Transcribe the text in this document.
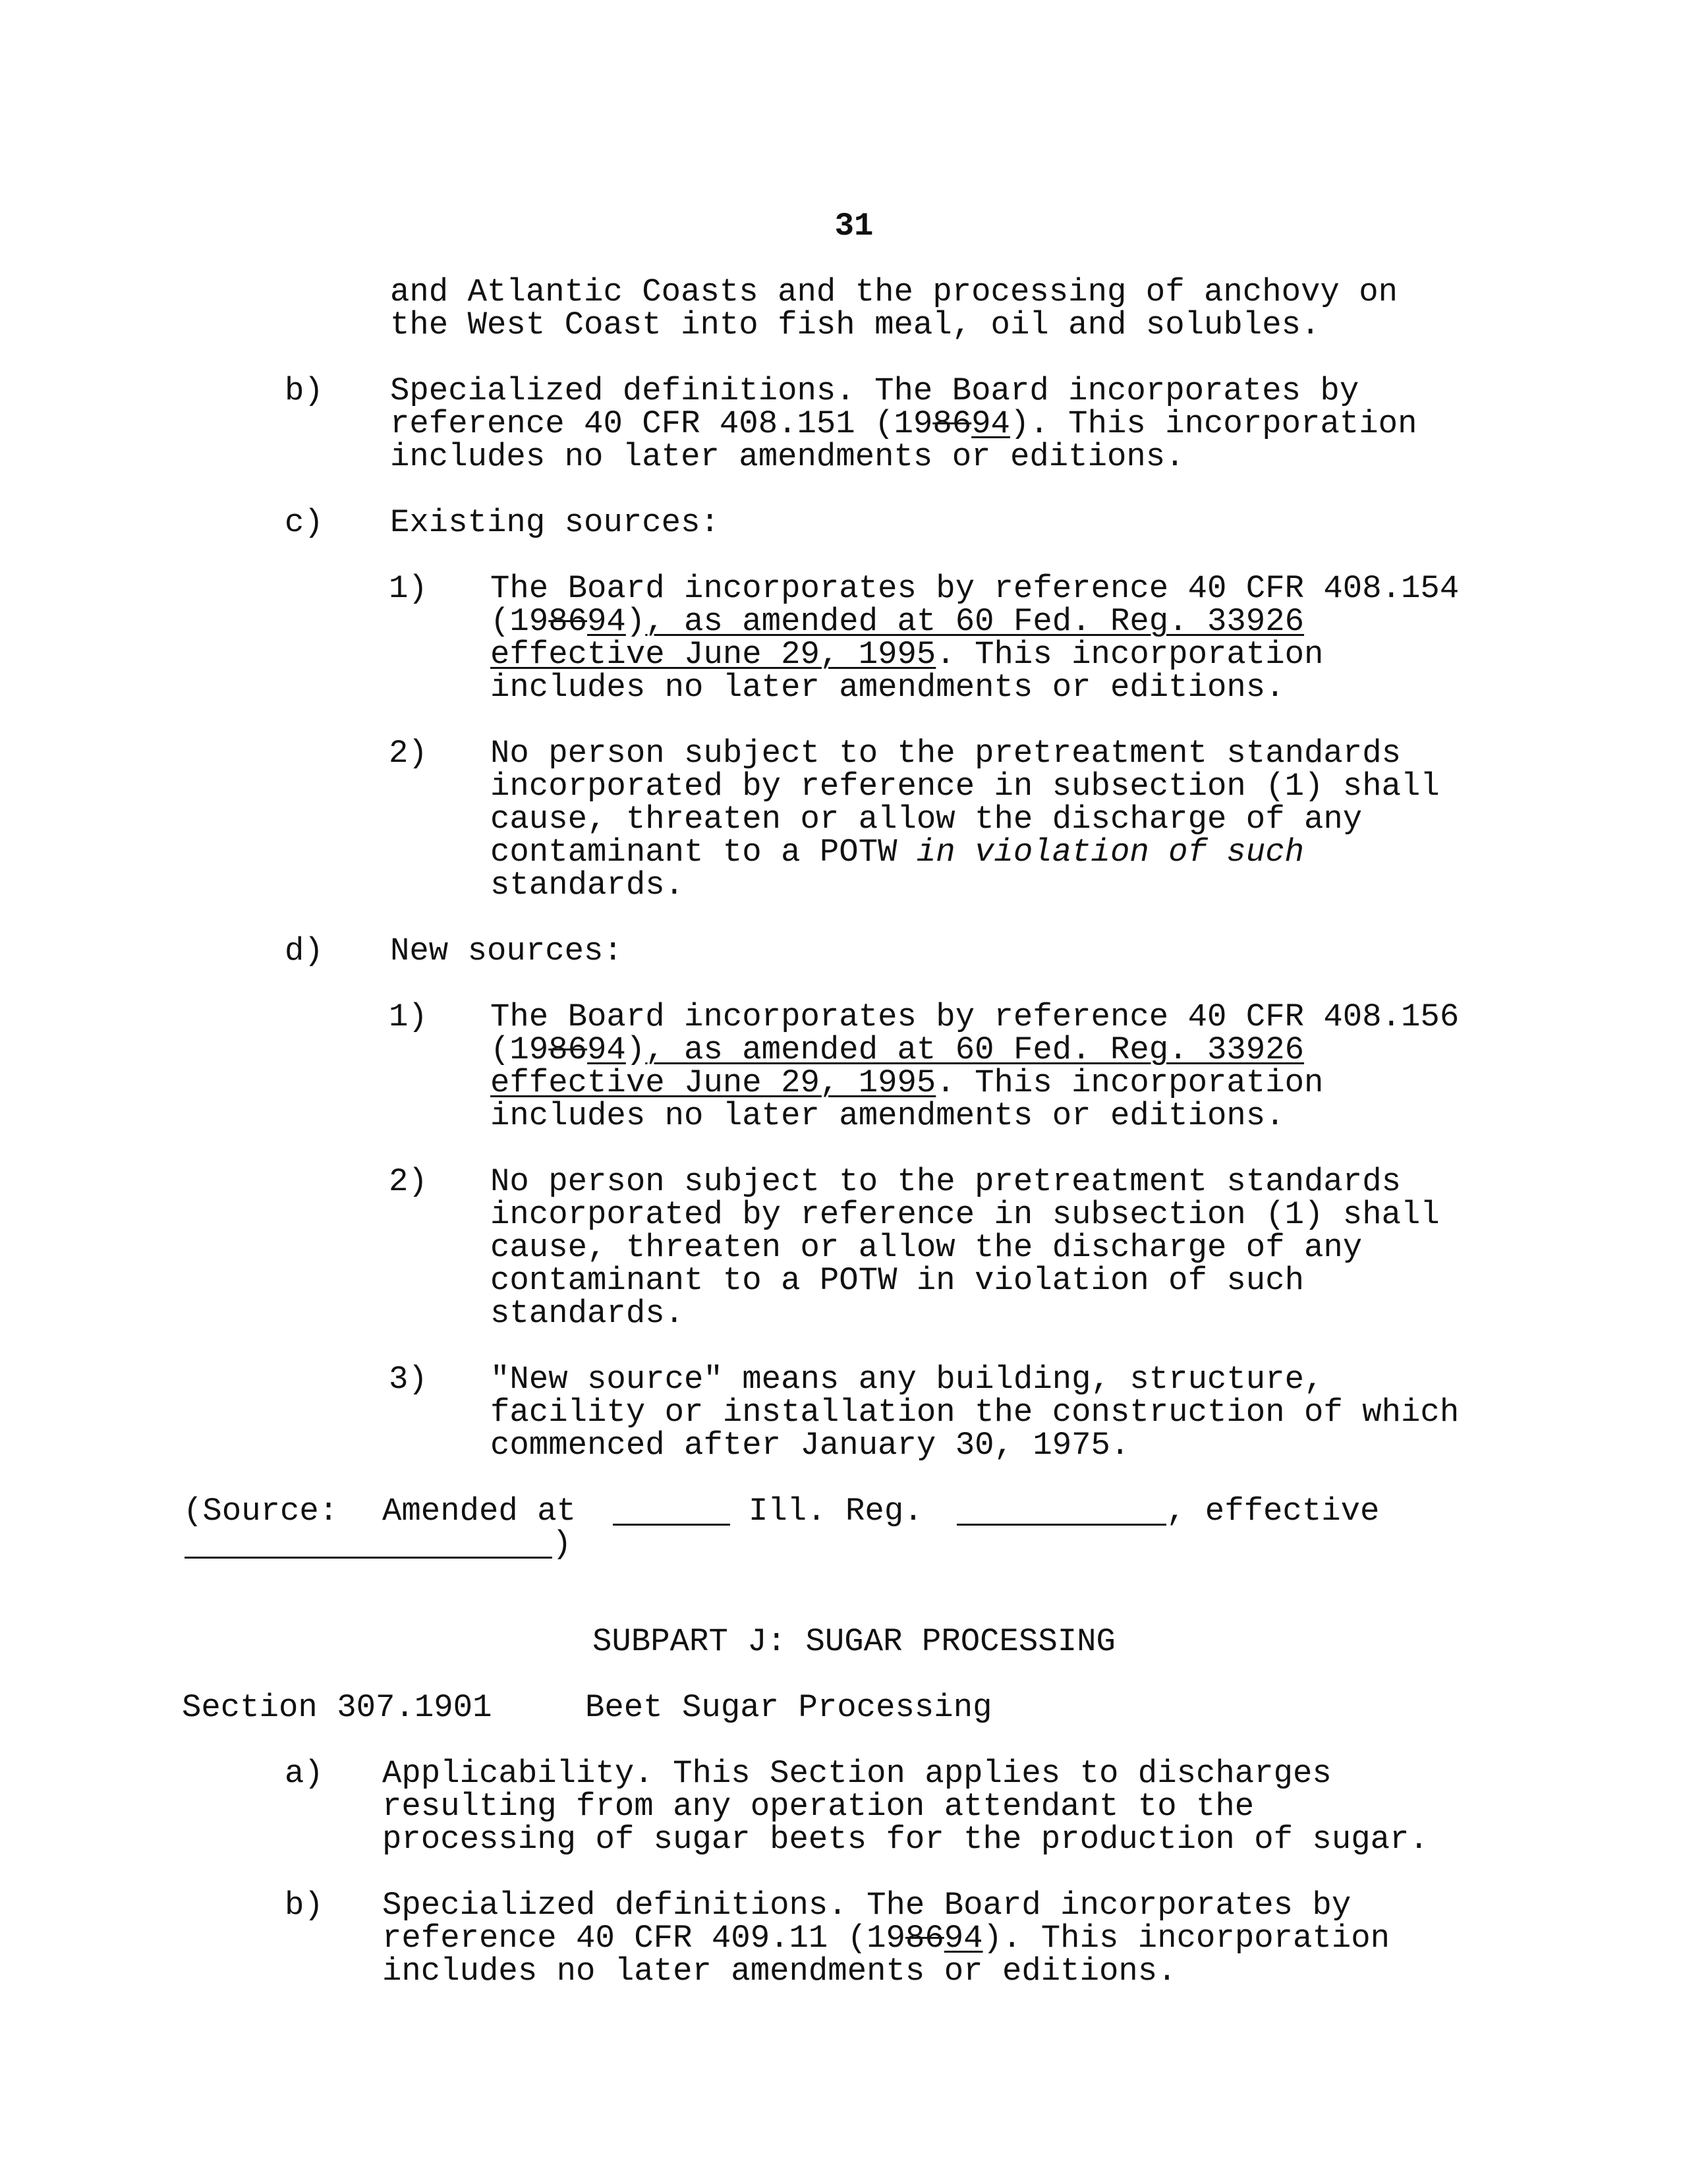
31

and Atlantic Coasts and the processing of anchovy on

the West Coast into fish meal, oil and solubles.

b) Specialized definitions. The Board incorporates by

reference 40 CFR 408.151 (198694). This incorporation

includes no later amendments or editions.

c) Existing sources:

1) The Board incorporates by reference 40 CFR 408.154

(198694), as amended at 60 Fed. Reg. 33926

effective June 29, 1995. This incorporation

includes no later amendments or editions.

2) No person subject to the pretreatment standards

incorporated by reference in subsection (1) shall

cause, threaten or allow the discharge of any

contaminant to a POTW in violation of such

standards.

d) New sources:

1) The Board incorporates by reference 40 CFR 408.156

(198694), as amended at 60 Fed. Reg. 33926

effective June 29, 1995. This incorporation

includes no later amendments or editions.

2) No person subject to the pretreatment standards

incorporated by reference in subsection (1) shall

cause, threaten or allow the discharge of any

contaminant to a POTW in violation of such

standards.

3) "New source" means any building, structure,

facility or installation the construction of which

commenced after January 30, 1975.

(Source: Amended at	Ill. Reg.	, effective
)
SUBPART J: SUGAR PROCESSING
Section 307.1901	Beet Sugar Processing
a) Applicability. This Section applies to discharges

resulting from any operation attendant to the

processing of sugar beets for the production of sugar.

b) Specialized definitions. The Board incorporates by

reference 40 CFR 409.11 (198694). This incorporation

includes no later amendments or editions.
